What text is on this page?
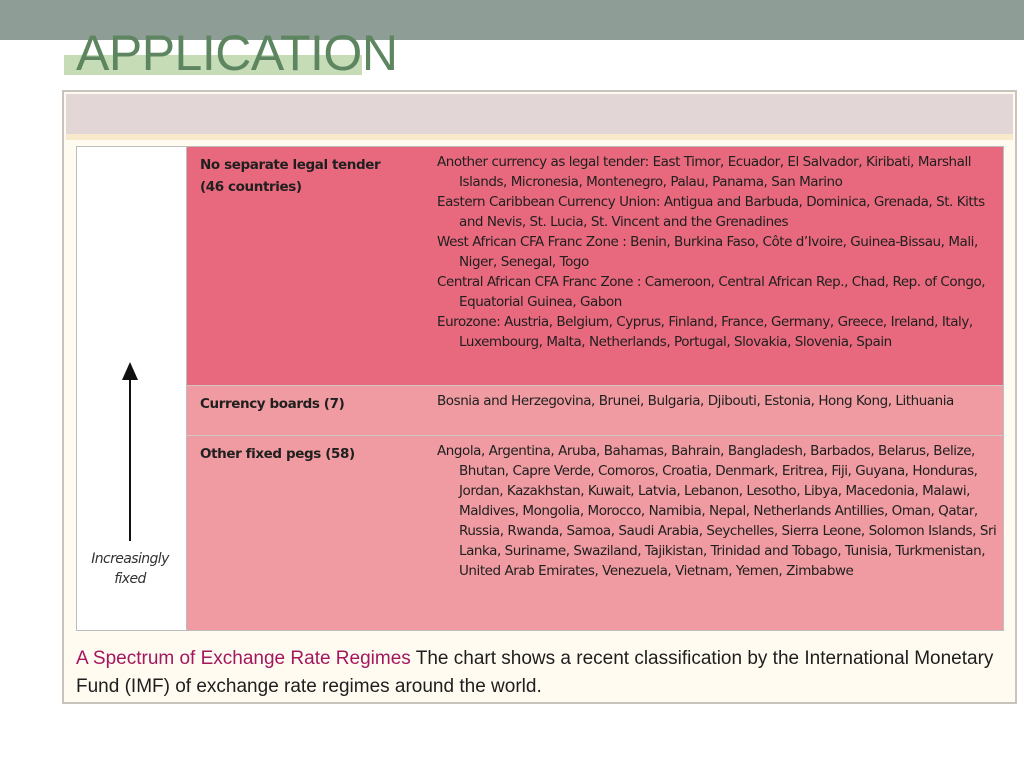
APPLICATION
Increasingly
fixed
No separate legal tender
(46 countries)

Another currency as legal tender: East Timor, Ecuador, El Salvador, Kiribati, Marshall Islands, Micronesia, Montenegro, Palau, Panama, San Marino

Eastern Caribbean Currency Union: Antigua and Barbuda, Dominica, Grenada, St. Kitts and Nevis, St. Lucia, St. Vincent and the Grenadines

West African CFA Franc Zone : Benin, Burkina Faso, Côte d’Ivoire, Guinea-Bissau, Mali, Niger, Senegal, Togo

Central African CFA Franc Zone : Cameroon, Central African Rep., Chad, Rep. of Congo, Equatorial Guinea, Gabon

Eurozone: Austria, Belgium, Cyprus, Finland, France, Germany, Greece, Ireland, Italy, Luxembourg, Malta, Netherlands, Portugal, Slovakia, Slovenia, Spain

Currency boards (7)	Bosnia and Herzegovina, Brunei, Bulgaria, Djibouti, Estonia, Hong Kong, Lithuania

Other fixed pegs (58)	Angola, Argentina, Aruba, Bahamas, Bahrain, Bangladesh, Barbados, Belarus, Belize, Bhutan, Capre Verde, Comoros, Croatia, Denmark, Eritrea, Fiji, Guyana, Honduras, Jordan, Kazakhstan, Kuwait, Latvia, Lebanon, Lesotho, Libya, Macedonia, Malawi, Maldives, Mongolia, Morocco, Namibia, Nepal, Netherlands Antillies, Oman, Qatar, Russia, Rwanda, Samoa, Saudi Arabia, Seychelles, Sierra Leone, Solomon Islands, Sri Lanka, Suriname, Swaziland, Tajikistan, Trinidad and Tobago, Tunisia, Turkmenistan, United Arab Emirates, Venezuela, Vietnam, Yemen, Zimbabwe

A Spectrum of Exchange Rate Regimes The chart shows a recent classification by the International Monetary Fund (IMF) of exchange rate regimes around the world.
